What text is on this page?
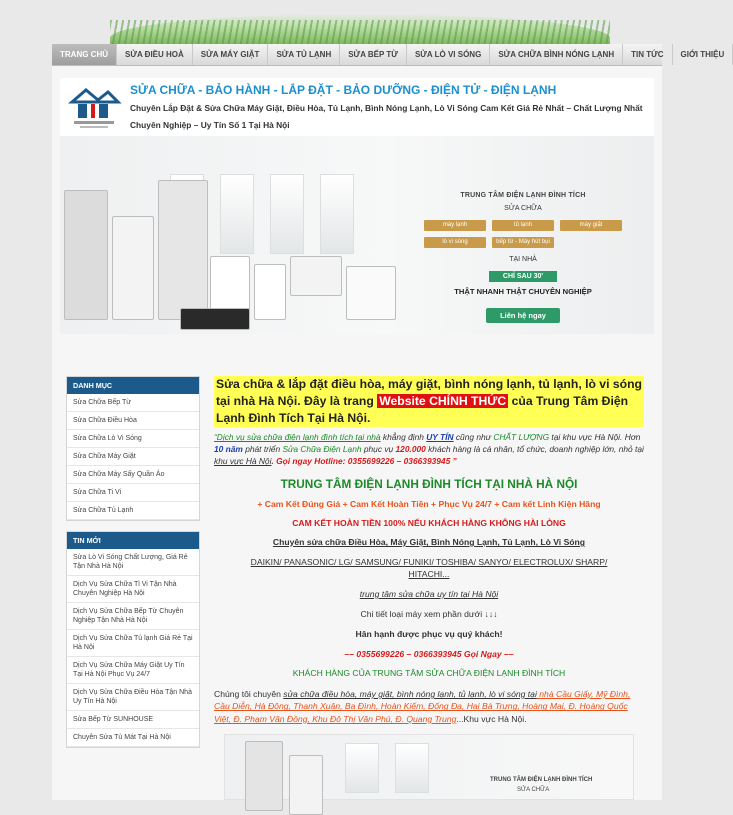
TRANG CHỦ	SỬA ĐIỀU HOÀ	SỬA MÁY GIẶT	SỬA TỦ LẠNH	SỬA BẾP TỪ	SỬA LÒ VI SÓNG	SỬA CHỮA BÌNH NÓNG LẠNH	TIN TỨC	GIỚI THIỆU
SỬA CHỮA - BẢO HÀNH - LẮP ĐẶT - BẢO DƯỠNG - ĐIỆN TỬ - ĐIỆN LẠNH
Chuyên Lắp Đặt & Sửa Chữa Máy Giặt, Điều Hòa, Tủ Lạnh, Bình Nóng Lạnh, Lò Vi Sóng Cam Kết Giá Rẻ Nhất – Chất Lượng Nhất Chuyên Nghiệp – Uy Tín Số 1 Tại Hà Nội
TRUNG TÂM ĐIỆN LẠNH ĐÌNH TÍCH
SỬA CHỮA
máy lạnh	tủ lạnh	máy giặt
lò vi sóng	bếp từ - Máy hút bụi
TẠI NHÀ
CHỈ SAU 30'
THẬT NHANH THẬT CHUYÊN NGHIỆP
Liên hệ ngay
DANH MỤC
Sửa Chữa Bếp Từ
Sửa Chữa Điều Hòa
Sửa Chữa Lò Vi Sóng
Sửa Chữa Máy Giặt
Sửa Chữa Máy Sấy Quần Áo
Sửa Chữa Ti Vi
Sửa Chữa Tủ Lạnh
TIN MỚI
Sửa Lò Vi Sóng Chất Lượng, Giá Rẻ Tận Nhà Hà Nội
Dịch Vụ Sửa Chữa Tỉ Vi Tận Nhà Chuyên Nghiệp Hà Nội
Dịch Vụ Sửa Chữa Bếp Từ Chuyên Nghiệp Tận Nhà Hà Nội
Dịch Vụ Sửa Chữa Tủ lạnh Giá Rẻ Tại Hà Nội
Dịch Vụ Sửa Chữa Máy Giặt Uy Tín Tại Hà Nội Phục Vụ 24/7
Dịch Vụ Sửa Chữa Điều Hòa Tận Nhà Uy Tín Hà Nội
Sửa Bếp Từ SUNHOUSE
Chuyên Sửa Tủ Mát Tại Hà Nội

Sửa chữa & lắp đặt điều hòa, máy giặt, bình nóng lạnh, tủ lạnh, lò vi sóng tại nhà Hà Nội. Đây là trang Website CHÍNH THỨC của Trung Tâm Điện Lạnh Đình Tích Tại Hà Nội.

“Dịch vụ sửa chữa điện lạnh đình tích tại nhà khẳng định UY TÍN cũng như CHẤT LƯỢNG tại khu vực Hà Nội. Hơn 10 năm phát triển Sửa Chữa Điện Lạnh phục vụ 120.000 khách hàng là cá nhân, tổ chức, doanh nghiệp lớn, nhỏ tại khu vực Hà Nội. Gọi ngay Hotline: 0355699226 – 0366393945 ”

TRUNG TÂM ĐIỆN LẠNH ĐÌNH TÍCH TẠI NHÀ HÀ NỘI
+ Cam Kết Đúng Giá + Cam Kết Hoàn Tiền + Phục Vụ 24/7 + Cam kết Linh Kiện Hãng
CAM KẾT HOÀN TIỀN 100% NẾU KHÁCH HÀNG KHÔNG HÀI LÒNG
Chuyên sửa chữa Điều Hòa, Máy Giặt, Bình Nóng Lạnh, Tủ Lạnh, Lò Vi Sóng
DAIKIN/ PANASONIC/ LG/ SAMSUNG/ FUNIKI/ TOSHIBA/ SANYO/ ELECTROLUX/ SHARP/ HITACHI...
trung tâm sửa chữa uy tín tại Hà Nội
Chi tiết loại máy xem phần dưới ↓↓↓
Hân hạnh được phục vụ quý khách!
–– 0355699226 – 0366393945 Gọi Ngay ––
KHÁCH HÀNG CỦA TRUNG TÂM SỬA CHỮA ĐIỆN LẠNH ĐÌNH TÍCH

Chúng tôi chuyên sửa chữa điều hòa, máy giặt, bình nóng lạnh, tủ lạnh, lò vi sóng tại nhà Cầu Giấy, Mỹ Đình, Cầu Diễn, Hà Đông, Thanh Xuân, Ba Đình, Hoàn Kiếm, Đống Đa, Hai Bà Trưng, Hoàng Mai, Đ. Hoàng Quốc Việt, Đ. Phạm Văn Đồng, Khu Đô Thị Văn Phú, Đ. Quang Trung...Khu vực Hà Nội.

TRUNG TÂM ĐIỆN LẠNH ĐÌNH TÍCH
SỬA CHỮA
